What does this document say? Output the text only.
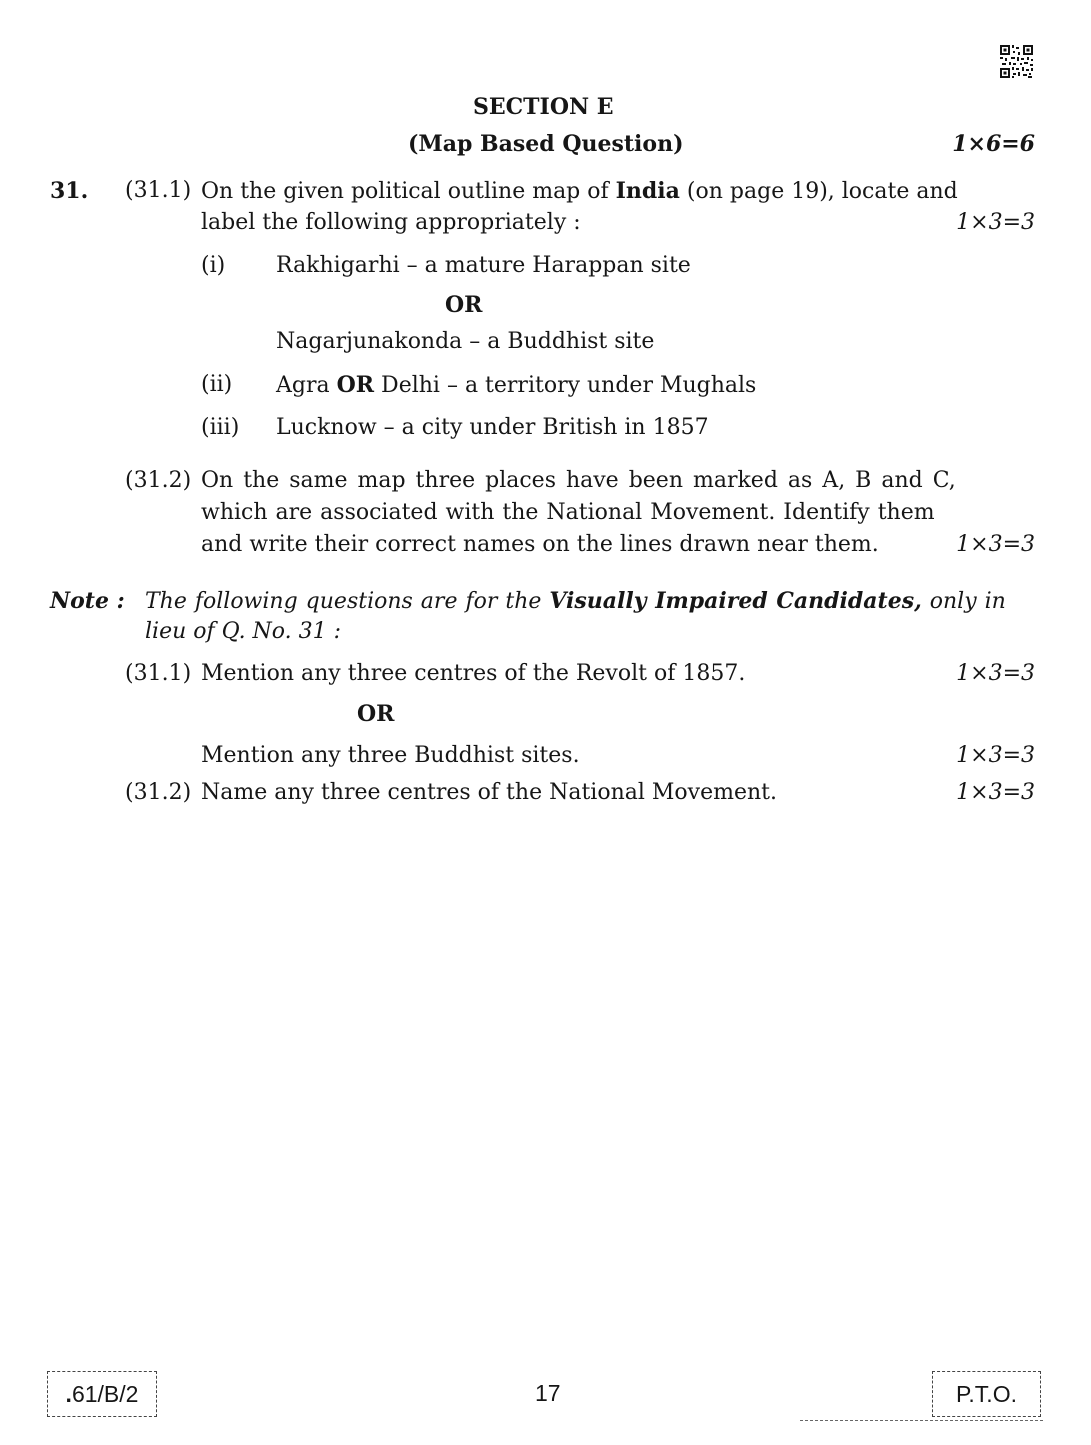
SECTION E
(Map Based Question)	1×6=6
31. (31.1) On the given political outline map of India (on page 19), locate and
label the following appropriately :	1×3=3
(i) Rakhigarhi – a mature Harappan site
OR
Nagarjunakonda – a Buddhist site
(ii) Agra OR Delhi – a territory under Mughals
(iii) Lucknow – a city under British in 1857
(31.2) On the same map three places have been marked as A, B and C,
which are associated with the National Movement. Identify them
and write their correct names on the lines drawn near them.	1×3=3
Note : The following questions are for the Visually Impaired Candidates, only in
lieu of Q. No. 31 :
(31.1) Mention any three centres of the Revolt of 1857.	1×3=3
OR
Mention any three Buddhist sites.	1×3=3
(31.2) Name any three centres of the National Movement.	1×3=3
. 61/B/2	17	P.T.O.
